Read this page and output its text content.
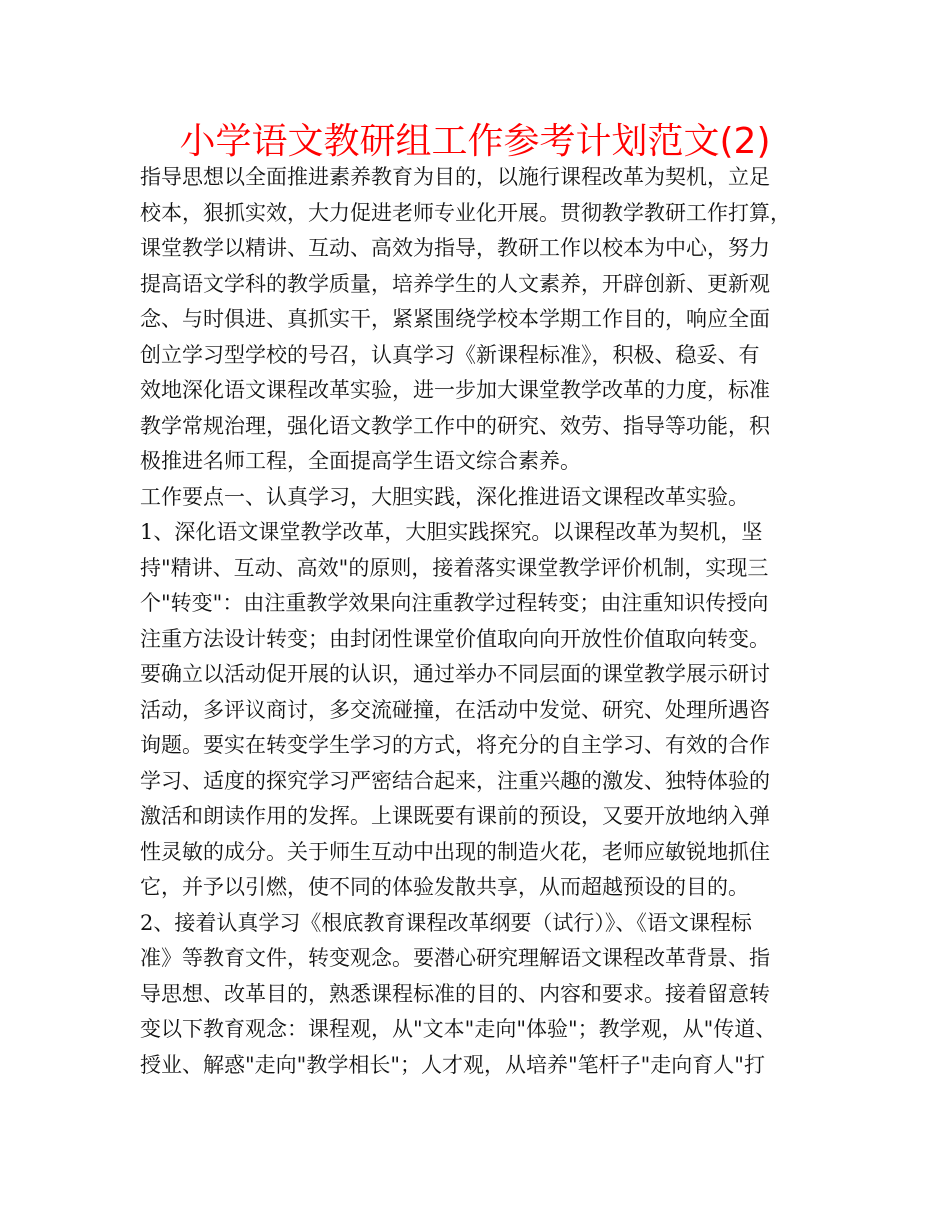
小学语文教研组工作参考计划范文(2)
指导思想以全面推进素养教育为目的，以施行课程改革为契机，立足
校本，狠抓实效，大力促进老师专业化开展。贯彻教学教研工作打算，
课堂教学以精讲、互动、高效为指导，教研工作以校本为中心，努力
提高语文学科的教学质量，培养学生的人文素养，开辟创新、更新观
念、与时俱进、真抓实干，紧紧围绕学校本学期工作目的，响应全面
创立学习型学校的号召，认真学习《新课程标准》，积极、稳妥、有
效地深化语文课程改革实验，进一步加大课堂教学改革的力度，标准
教学常规治理，强化语文教学工作中的研究、效劳、指导等功能，积
极推进名师工程，全面提高学生语文综合素养。
工作要点一、认真学习，大胆实践，深化推进语文课程改革实验。
1、深化语文课堂教学改革，大胆实践探究。以课程改革为契机，坚
持"精讲、互动、高效"的原则，接着落实课堂教学评价机制，实现三
个"转变"：由注重教学效果向注重教学过程转变；由注重知识传授向
注重方法设计转变；由封闭性课堂价值取向向开放性价值取向转变。
要确立以活动促开展的认识，通过举办不同层面的课堂教学展示研讨
活动，多评议商讨，多交流碰撞，在活动中发觉、研究、处理所遇咨
询题。要实在转变学生学习的方式，将充分的自主学习、有效的合作
学习、适度的探究学习严密结合起来，注重兴趣的激发、独特体验的
激活和朗读作用的发挥。上课既要有课前的预设，又要开放地纳入弹
性灵敏的成分。关于师生互动中出现的制造火花，老师应敏锐地抓住
它，并予以引燃，使不同的体验发散共享，从而超越预设的目的。
2、接着认真学习《根底教育课程改革纲要（试行）》、《语文课程标
准》等教育文件，转变观念。要潜心研究理解语文课程改革背景、指
导思想、改革目的，熟悉课程标准的目的、内容和要求。接着留意转
变以下教育观念：课程观，从"文本"走向"体验"；教学观，从"传道、
授业、解惑"走向"教学相长"；人才观，从培养"笔杆子"走向育人"打
